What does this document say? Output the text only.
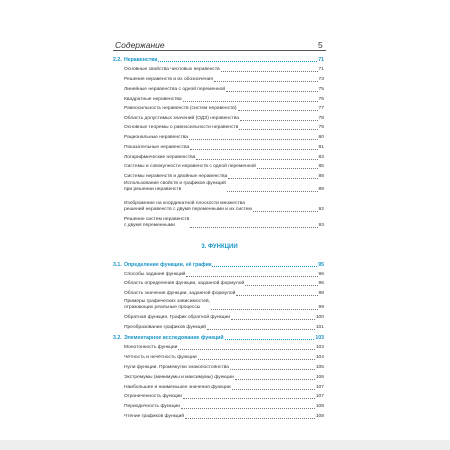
Содержание	5
2.2. Неравенства	71
Основные свойства числовых неравенств	71
Решения неравенств и их обозначения	73
Линейные неравенства с одной переменной	75
Квадратные неравенства	76
Равносильность неравенств (систем неравенств)	77
Область допустимых значений (ОДЗ) неравенства	78
Основные теоремы о равносильности неравенств	79
Рациональные неравенства	80
Показательные неравенства	81
Логарифмические неравенства	83
Системы и совокупности неравенств с одной переменной	85
Системы неравенств и двойные неравенства	88
Использование свойств и графиков функций
при решении неравенств	89
Изображение на координатной плоскости множества
решений неравенств с двумя переменными и их систем	92
Решение систем неравенств
с двумя переменными	93
3.1. Определение функции, её график	95
Способы задания функций	96
Область определения функции, заданной формулой	96
Область значения функции, заданной формулой	98
Примеры графических зависимостей,
отражающих реальные процессы	99
Обратная функция. График обратной функции	100
Преобразование графиков функций	101
3.2. Элементарное исследование функций	103
Монотонность функции	103
Чётность и нечётность функции	104
Нули функции. Промежутки знакопостоянства	105
Экстремумы (минимумы и максимумы) функции	106
Наибольшее и наименьшее значения функции	107
Ограниченность функции	107
Периодичность функции	108
Чтение графиков функций	108
3. ФУНКЦИИ
